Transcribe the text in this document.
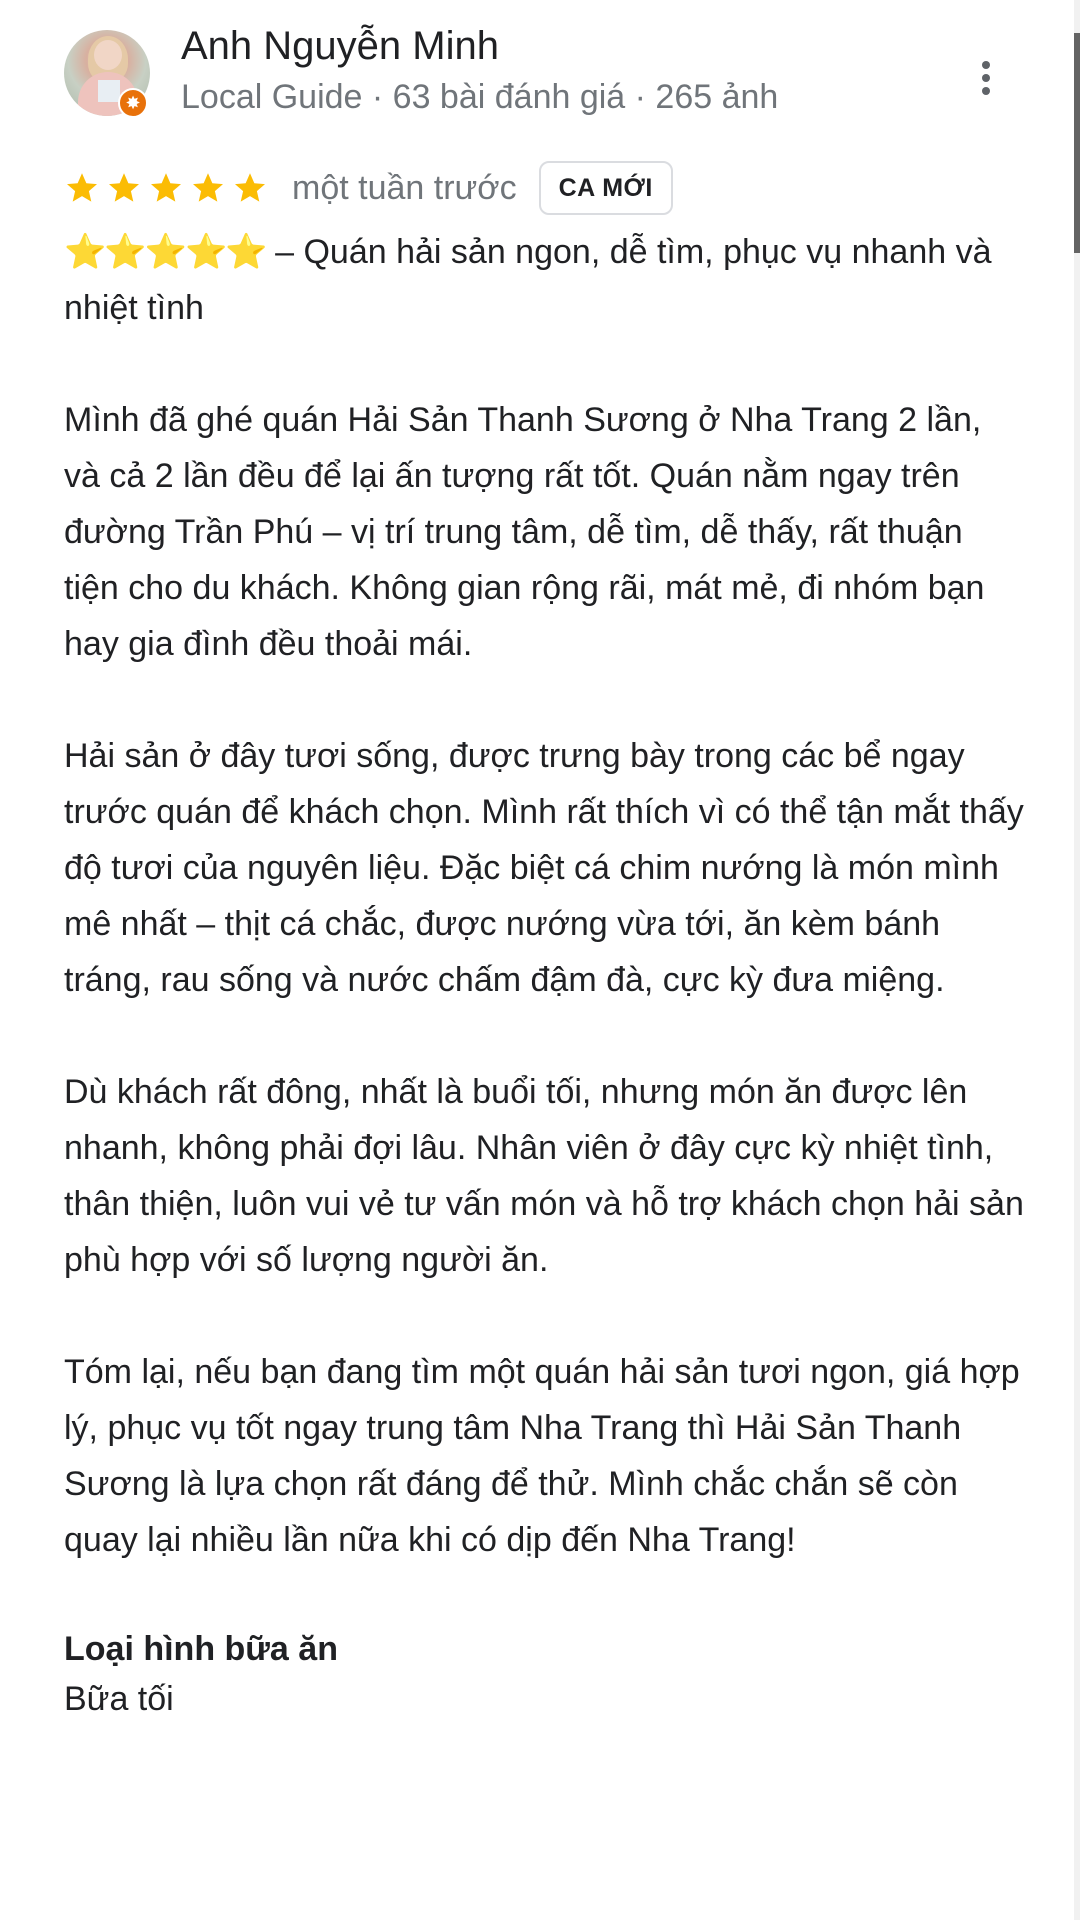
✸
Anh Nguyễn Minh
Local Guide · 63 bài đánh giá · 265 ảnh
một tuần trước	CA MỚI

⭐⭐⭐⭐⭐ – Quán hải sản ngon, dễ tìm, phục vụ nhanh và nhiệt tình

Mình đã ghé quán Hải Sản Thanh Sương ở Nha Trang 2 lần, và cả 2 lần đều để lại ấn tượng rất tốt. Quán nằm ngay trên đường Trần Phú – vị trí trung tâm, dễ tìm, dễ thấy, rất thuận tiện cho du khách. Không gian rộng rãi, mát mẻ, đi nhóm bạn hay gia đình đều thoải mái.

Hải sản ở đây tươi sống, được trưng bày trong các bể ngay trước quán để khách chọn. Mình rất thích vì có thể tận mắt thấy độ tươi của nguyên liệu. Đặc biệt cá chim nướng là món mình mê nhất – thịt cá chắc, được nướng vừa tới, ăn kèm bánh tráng, rau sống và nước chấm đậm đà, cực kỳ đưa miệng.

Dù khách rất đông, nhất là buổi tối, nhưng món ăn được lên nhanh, không phải đợi lâu. Nhân viên ở đây cực kỳ nhiệt tình, thân thiện, luôn vui vẻ tư vấn món và hỗ trợ khách chọn hải sản phù hợp với số lượng người ăn.

Tóm lại, nếu bạn đang tìm một quán hải sản tươi ngon, giá hợp lý, phục vụ tốt ngay trung tâm Nha Trang thì Hải Sản Thanh Sương là lựa chọn rất đáng để thử. Mình chắc chắn sẽ còn quay lại nhiều lần nữa khi có dịp đến Nha Trang!

Loại hình bữa ăn
Bữa tối
